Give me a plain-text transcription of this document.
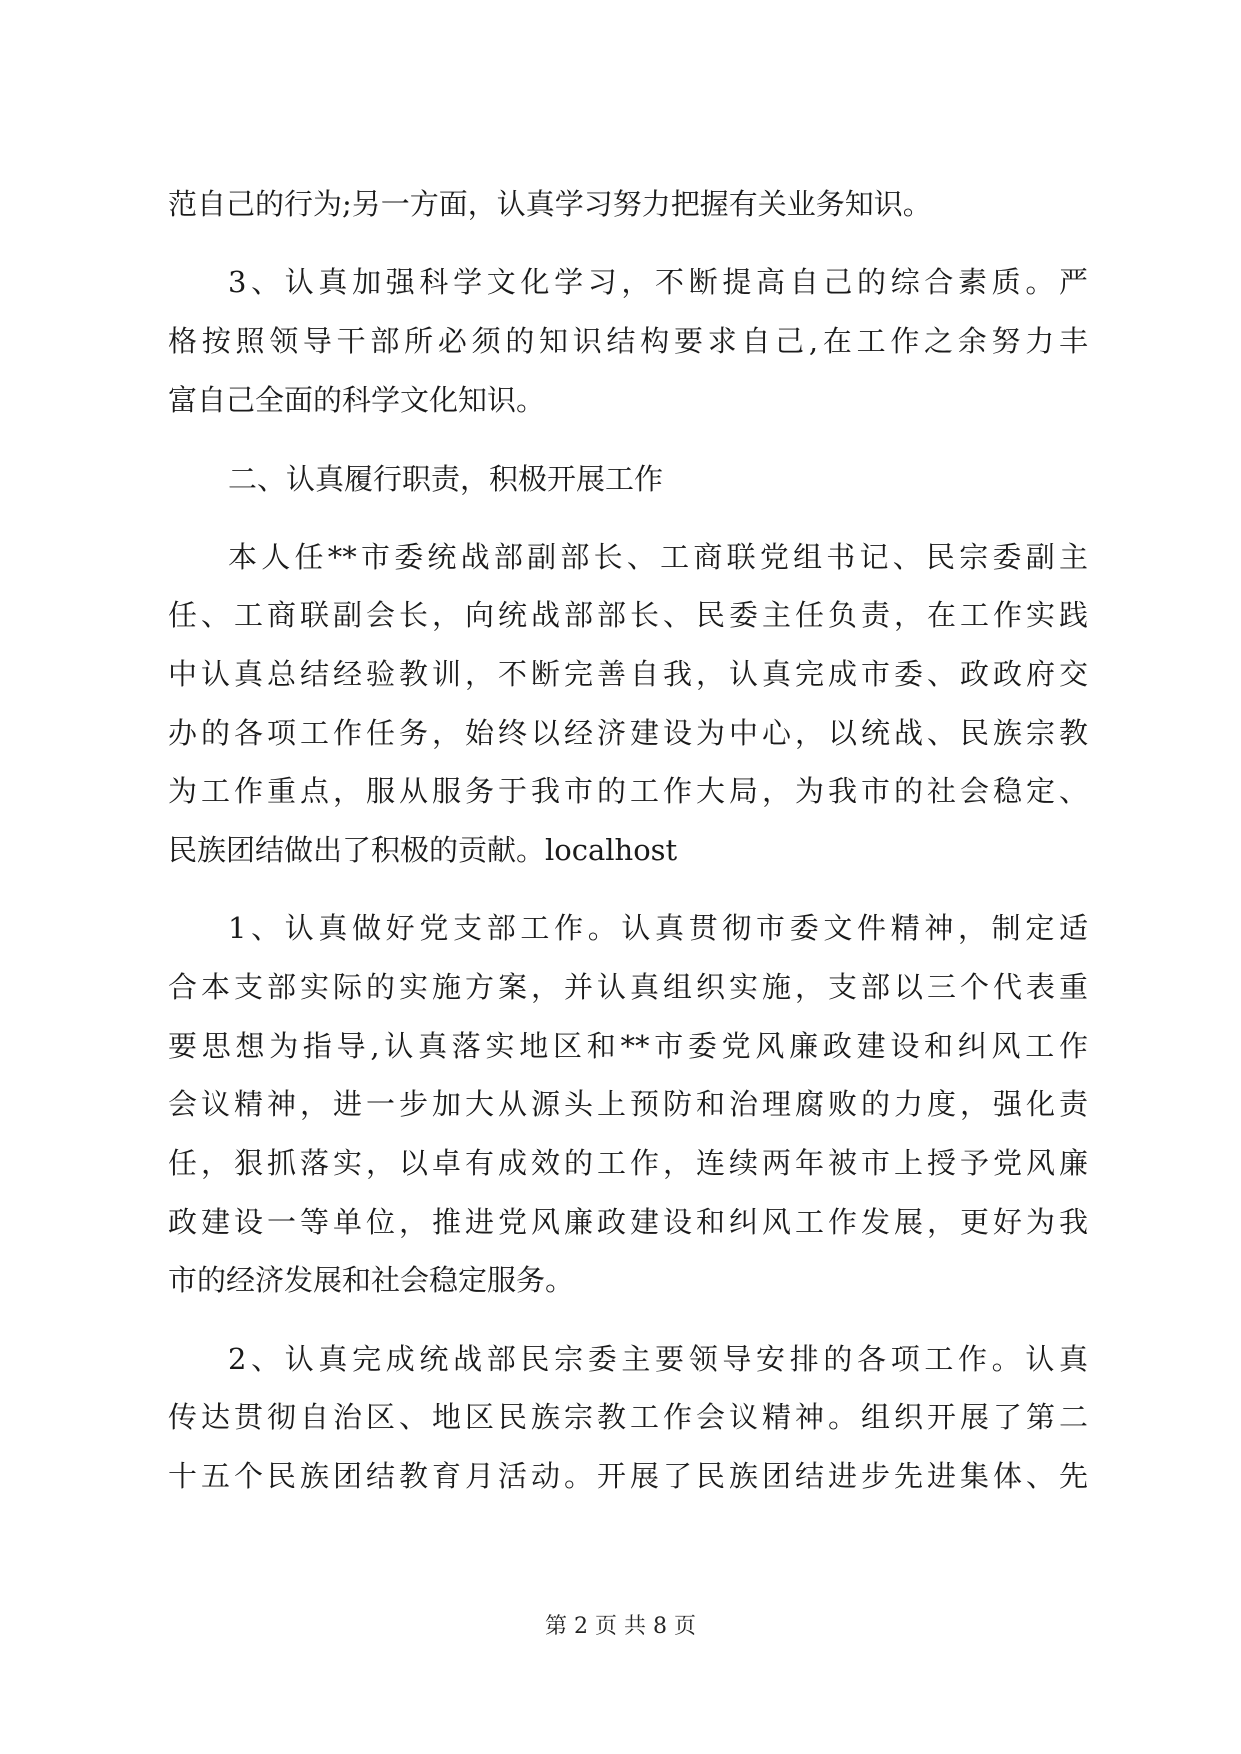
范自己的行为;另一方面，认真学习努力把握有关业务知识。
3、认真加强科学文化学习，不断提高自己的综合素质。严
格按照领导干部所必须的知识结构要求自己,在工作之余努力丰
富自己全面的科学文化知识。
二、认真履行职责，积极开展工作
本人任**市委统战部副部长、工商联党组书记、民宗委副主
任、工商联副会长，向统战部部长、民委主任负责，在工作实践
中认真总结经验教训，不断完善自我，认真完成市委、政政府交
办的各项工作任务，始终以经济建设为中心，以统战、民族宗教
为工作重点，服从服务于我市的工作大局，为我市的社会稳定、
民族团结做出了积极的贡献。localhost
1、认真做好党支部工作。认真贯彻市委文件精神，制定适
合本支部实际的实施方案，并认真组织实施，支部以三个代表重
要思想为指导,认真落实地区和**市委党风廉政建设和纠风工作
会议精神，进一步加大从源头上预防和治理腐败的力度，强化责
任，狠抓落实，以卓有成效的工作，连续两年被市上授予党风廉
政建设一等单位，推进党风廉政建设和纠风工作发展，更好为我
市的经济发展和社会稳定服务。
2、认真完成统战部民宗委主要领导安排的各项工作。认真
传达贯彻自治区、地区民族宗教工作会议精神。组织开展了第二
十五个民族团结教育月活动。开展了民族团结进步先进集体、先
第 2 页 共 8 页
